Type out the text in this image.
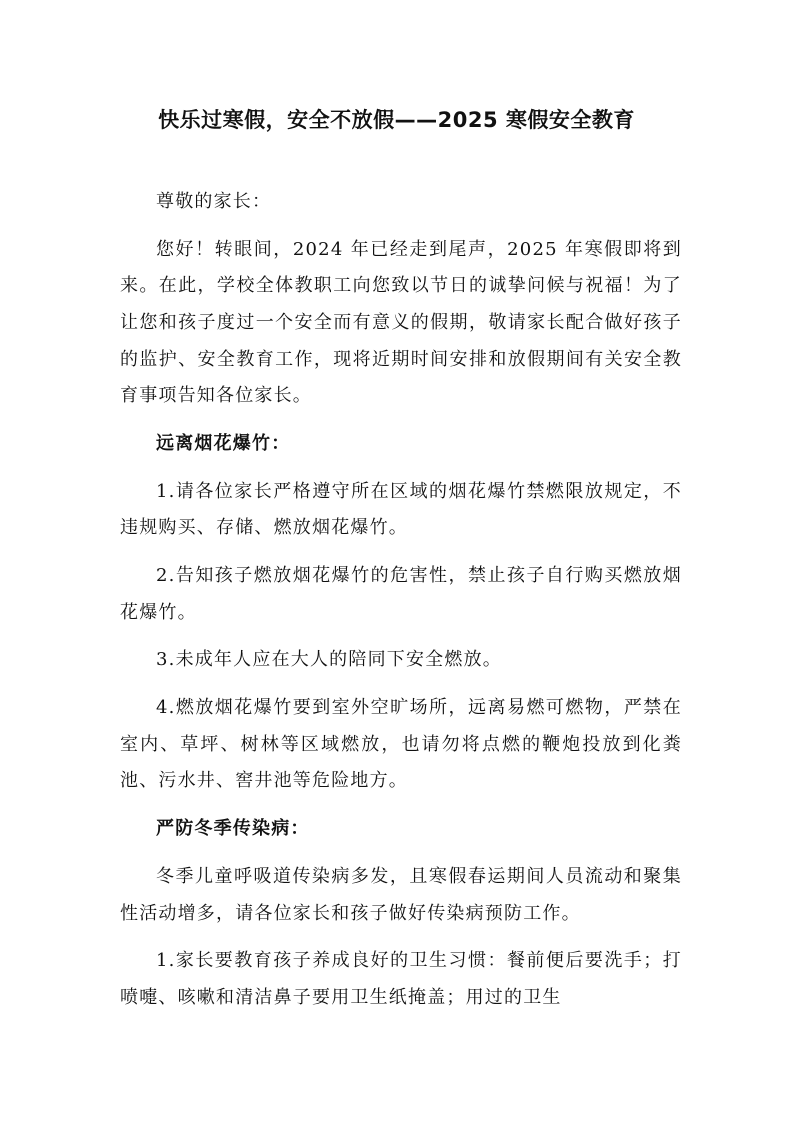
快乐过寒假，安全不放假——2025 寒假安全教育

尊敬的家长：

您好！转眼间，2024 年已经走到尾声，2025 年寒假即将到来。在此，学校全体教职工向您致以节日的诚挚问候与祝福！为了让您和孩子度过一个安全而有意义的假期，敬请家长配合做好孩子的监护、安全教育工作，现将近期时间安排和放假期间有关安全教育事项告知各位家长。

远离烟花爆竹：

1.请各位家长严格遵守所在区域的烟花爆竹禁燃限放规定，不违规购买、存储、燃放烟花爆竹。

2.告知孩子燃放烟花爆竹的危害性，禁止孩子自行购买燃放烟花爆竹。

3.未成年人应在大人的陪同下安全燃放。

4.燃放烟花爆竹要到室外空旷场所，远离易燃可燃物，严禁在室内、草坪、树林等区域燃放，也请勿将点燃的鞭炮投放到化粪池、污水井、窖井池等危险地方。

严防冬季传染病：

冬季儿童呼吸道传染病多发，且寒假春运期间人员流动和聚集性活动增多，请各位家长和孩子做好传染病预防工作。

1.家长要教育孩子养成良好的卫生习惯：餐前便后要洗手；打喷嚏、咳嗽和清洁鼻子要用卫生纸掩盖；用过的卫生
